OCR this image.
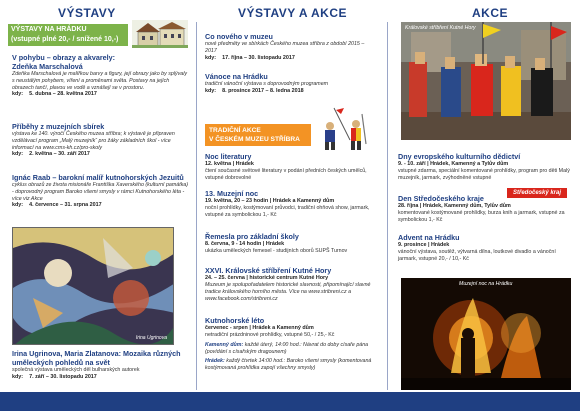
VÝSTAVY	VÝSTAVY A AKCE	AKCE
VÝSTAVY NA HRÁDKU
(vstupné plné 20,- / snížené 10,-)
V pohybu – obrazy a akvarely:
Zdeňka Marschalová
Zdeňka Marschalová je malířkou barvy a figury, její obrazy jako by splývaly s neustálým pohybem, víření a proměnami světa. Postavy na jejích obrazech tančí, plavou ve vodě a vznášejí se v prostoru.
kdy: 5. dubna – 28. května 2017
Příběhy z muzejních sbírek
výstava ke 140. výročí Českého muzea stříbra; k výstavě je připraven vzdělávací program „Malý muzejník“ pro žáky základních škol - více informací na www.cms-kh.cz/pro-skoly
kdy: 2. května – 30. září 2017
Ignác Raab – barokní malíř kutnohorských Jezuitů
cyklus obrazů ze života misionáře Františka Xaverského (kulturní památka) - doprovodný program Baroko všemi smysly v rámci Kutnohorského léta - více viz Akce
kdy: 4. července – 31. srpna 2017
Irina Ugrinova
Irina Ugrinova, Maria Zlatanova: Mozaika různých uměleckých pohledů na svět
společná výstava uměleckých děl bulharských autorek
kdy: 7. září – 30. listopadu 2017
Co nového v muzeu
nové předměty ve sbírkách Českého muzea stříbra z období 2015 – 2017
kdy: 17. října – 30. listopadu 2017
Vánoce na Hrádku
tradiční vánoční výstava s doprovodným programem
kdy: 8. prosince 2017 – 8. ledna 2018
TRADIČNÍ AKCE
V ČESKÉM MUZEU STŘÍBRA
Noc literatury
12. května | Hrádek
čtení současné světové literatury v podání předních českých umělců, vstupné dobrovolné
13. Muzejní noc
19. května, 20 – 23 hodin | Hrádek a Kamenný dům
noční prohlídky, kostýmovaní průvodci, tradiční ohňová show, jarmark, vstupné za symbolickou 1,- Kč
Řemesla pro základní školy
8. června, 9 - 14 hodin | Hrádek
ukázka uměleckých řemesel - studijních oborů SUPŠ Turnov
XXVI. Královské stříbření Kutné Hory
24. – 25. června | historické centrum Kutné Hory
Muzeum je spolupořadatelem historické slavnosti, připomínající slavné tradice královského horního města. Více na www.stribreni.cz a www.facebook.com/stribreni.cz
Kutnohorské léto
červenec - srpen | Hrádek a Kamenný dům
netradiční prázdninové prohlídky, vstupné 50,- / 25,- Kč
Kamenný dům: každé úterý, 14:00 hod.: Návrat do doby císaře pána (povídání s císařským dragounem)
Hrádek: každý čtvrtek 14:00 hod.: Baroko všemi smysly (komentovaná kostýmovaná prohlídka zapojí všechny smysly)
Královské stříbření Kutné Hory
Dny evropského kulturního dědictví
9. - 10. září | Hrádek, Kamenný a Tylův dům
vstupné zdarma, speciální komentované prohlídky, program pro děti Malý muzejník, jarmark, zvýhodněné vstupné
Středočeský kraj
Den Středočeského kraje
28. října | Hrádek, Kamenný dům, Tylův dům
komentované kostýmované prohlídky, burza knih a jarmark, vstupné za symbolickou 1,- Kč
Advent na Hrádku
9. prosince | Hrádek
vánoční výstava, soutěž, výtvarná dílna, loutkové divadlo a vánoční jarmark, vstupné 20,- / 10,- Kč
Muzejní noc na Hrádku
